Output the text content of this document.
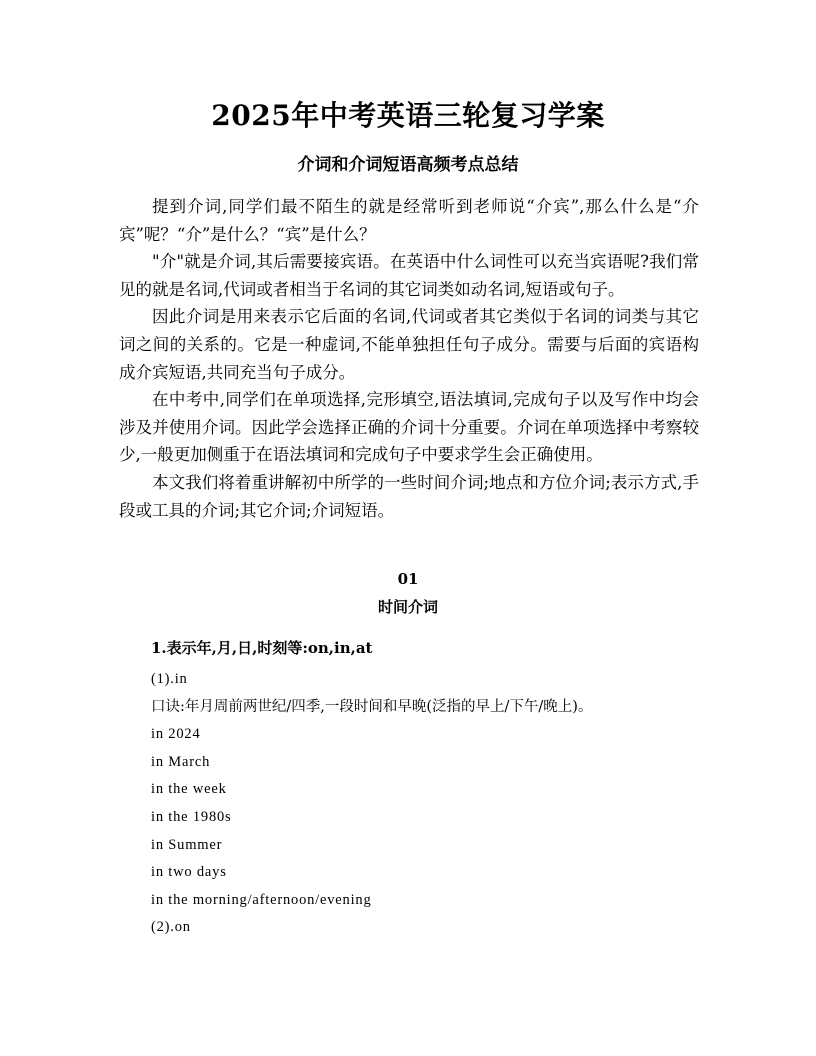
2025年中考英语三轮复习学案
介词和介词短语高频考点总结

提到介词,同学们最不陌生的就是经常听到老师说“介宾”,那么什么是“介宾”呢？“介”是什么？“宾”是什么？

"介"就是介词,其后需要接宾语。在英语中什么词性可以充当宾语呢?我们常见的就是名词,代词或者相当于名词的其它词类如动名词,短语或句子。

因此介词是用来表示它后面的名词,代词或者其它类似于名词的词类与其它词之间的关系的。它是一种虚词,不能单独担任句子成分。需要与后面的宾语构成介宾短语,共同充当句子成分。

在中考中,同学们在单项选择,完形填空,语法填词,完成句子以及写作中均会涉及并使用介词。因此学会选择正确的介词十分重要。介词在单项选择中考察较少,一般更加侧重于在语法填词和完成句子中要求学生会正确使用。

本文我们将着重讲解初中所学的一些时间介词;地点和方位介词;表示方式,手段或工具的介词;其它介词;介词短语。

01
时间介词
1.表示年,月,日,时刻等:on,in,at
(1).in
口诀:年月周前两世纪/四季,一段时间和早晚(泛指的早上/下午/晚上)。
in 2024
in March
in the week
in the 1980s
in Summer
in two days
in the morning/afternoon/evening
(2).on
